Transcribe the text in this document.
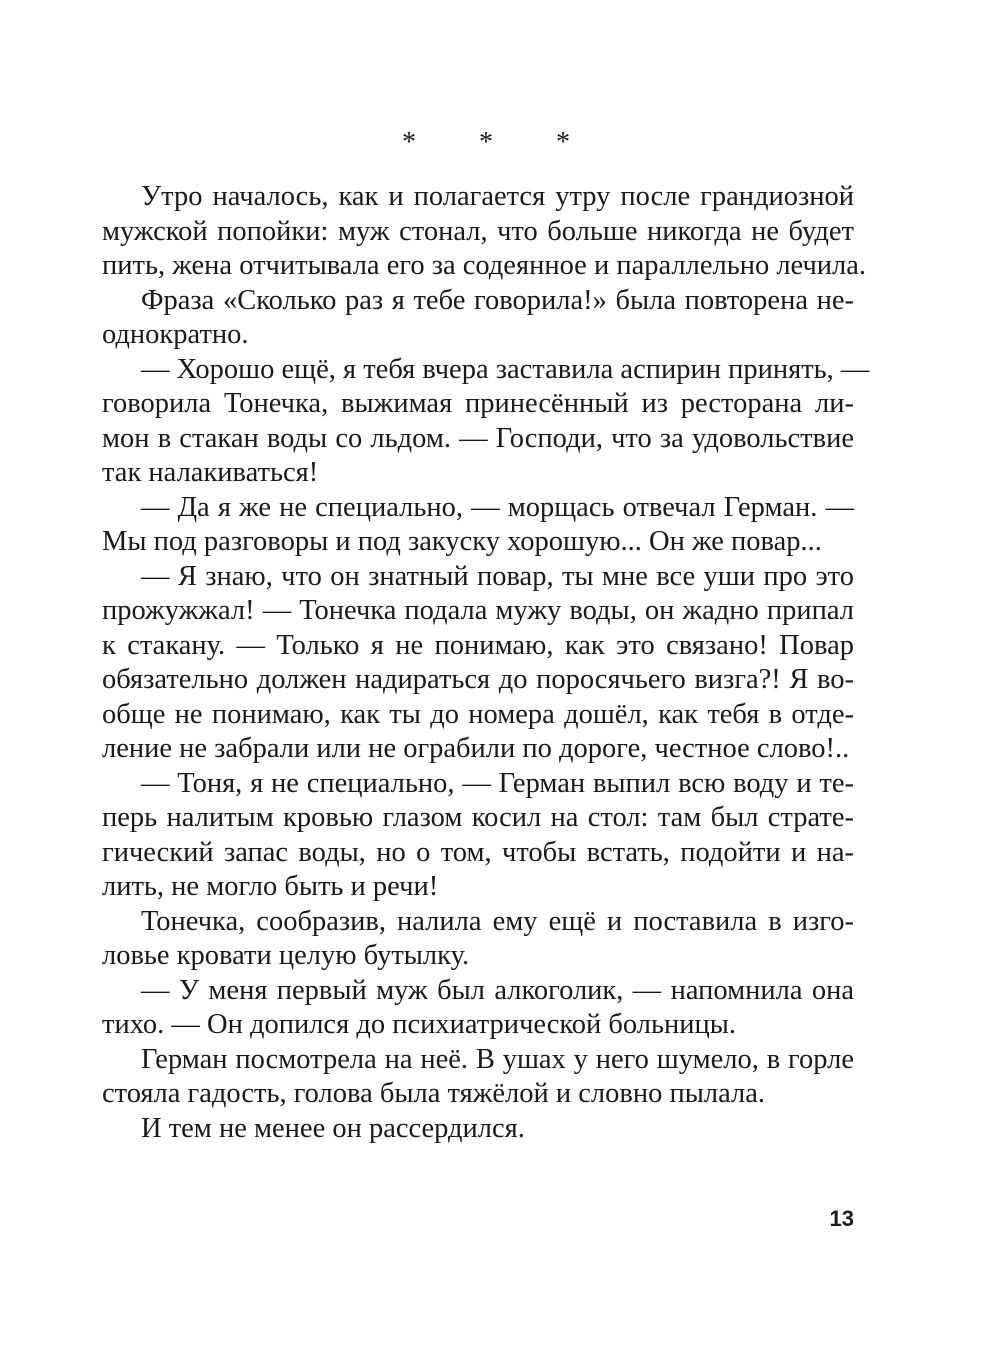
* * *
Утро началось, как и полагается утру после грандиозной
мужской попойки: муж стонал, что больше никогда не будет
пить, жена отчитывала его за содеянное и параллельно лечила.
Фраза «Сколько раз я тебе говорила!» была повторена не-
однократно.
— Хорошо ещё, я тебя вчера заставила аспирин принять, —
говорила Тонечка, выжимая принесённый из ресторана ли-
мон в стакан воды со льдом. — Господи, что за удовольствие
так налакиваться!
— Да я же не специально, — морщась отвечал Герман. —
Мы под разговоры и под закуску хорошую... Он же повар...
— Я знаю, что он знатный повар, ты мне все уши про это
прожужжал! — Тонечка подала мужу воды, он жадно припал
к стакану. — Только я не понимаю, как это связано! Повар
обязательно должен надираться до поросячьего визга?! Я во-
обще не понимаю, как ты до номера дошёл, как тебя в отде-
ление не забрали или не ограбили по дороге, честное слово!..
— Тоня, я не специально, — Герман выпил всю воду и те-
перь налитым кровью глазом косил на стол: там был страте-
гический запас воды, но о том, чтобы встать, подойти и на-
лить, не могло быть и речи!
Тонечка, сообразив, налила ему ещё и поставила в изго-
ловье кровати целую бутылку.
— У меня первый муж был алкоголик, — напомнила она
тихо. — Он допился до психиатрической больницы.
Герман посмотрела на неё. В ушах у него шумело, в горле
стояла гадость, голова была тяжёлой и словно пылала.
И тем не менее он рассердился.
13
